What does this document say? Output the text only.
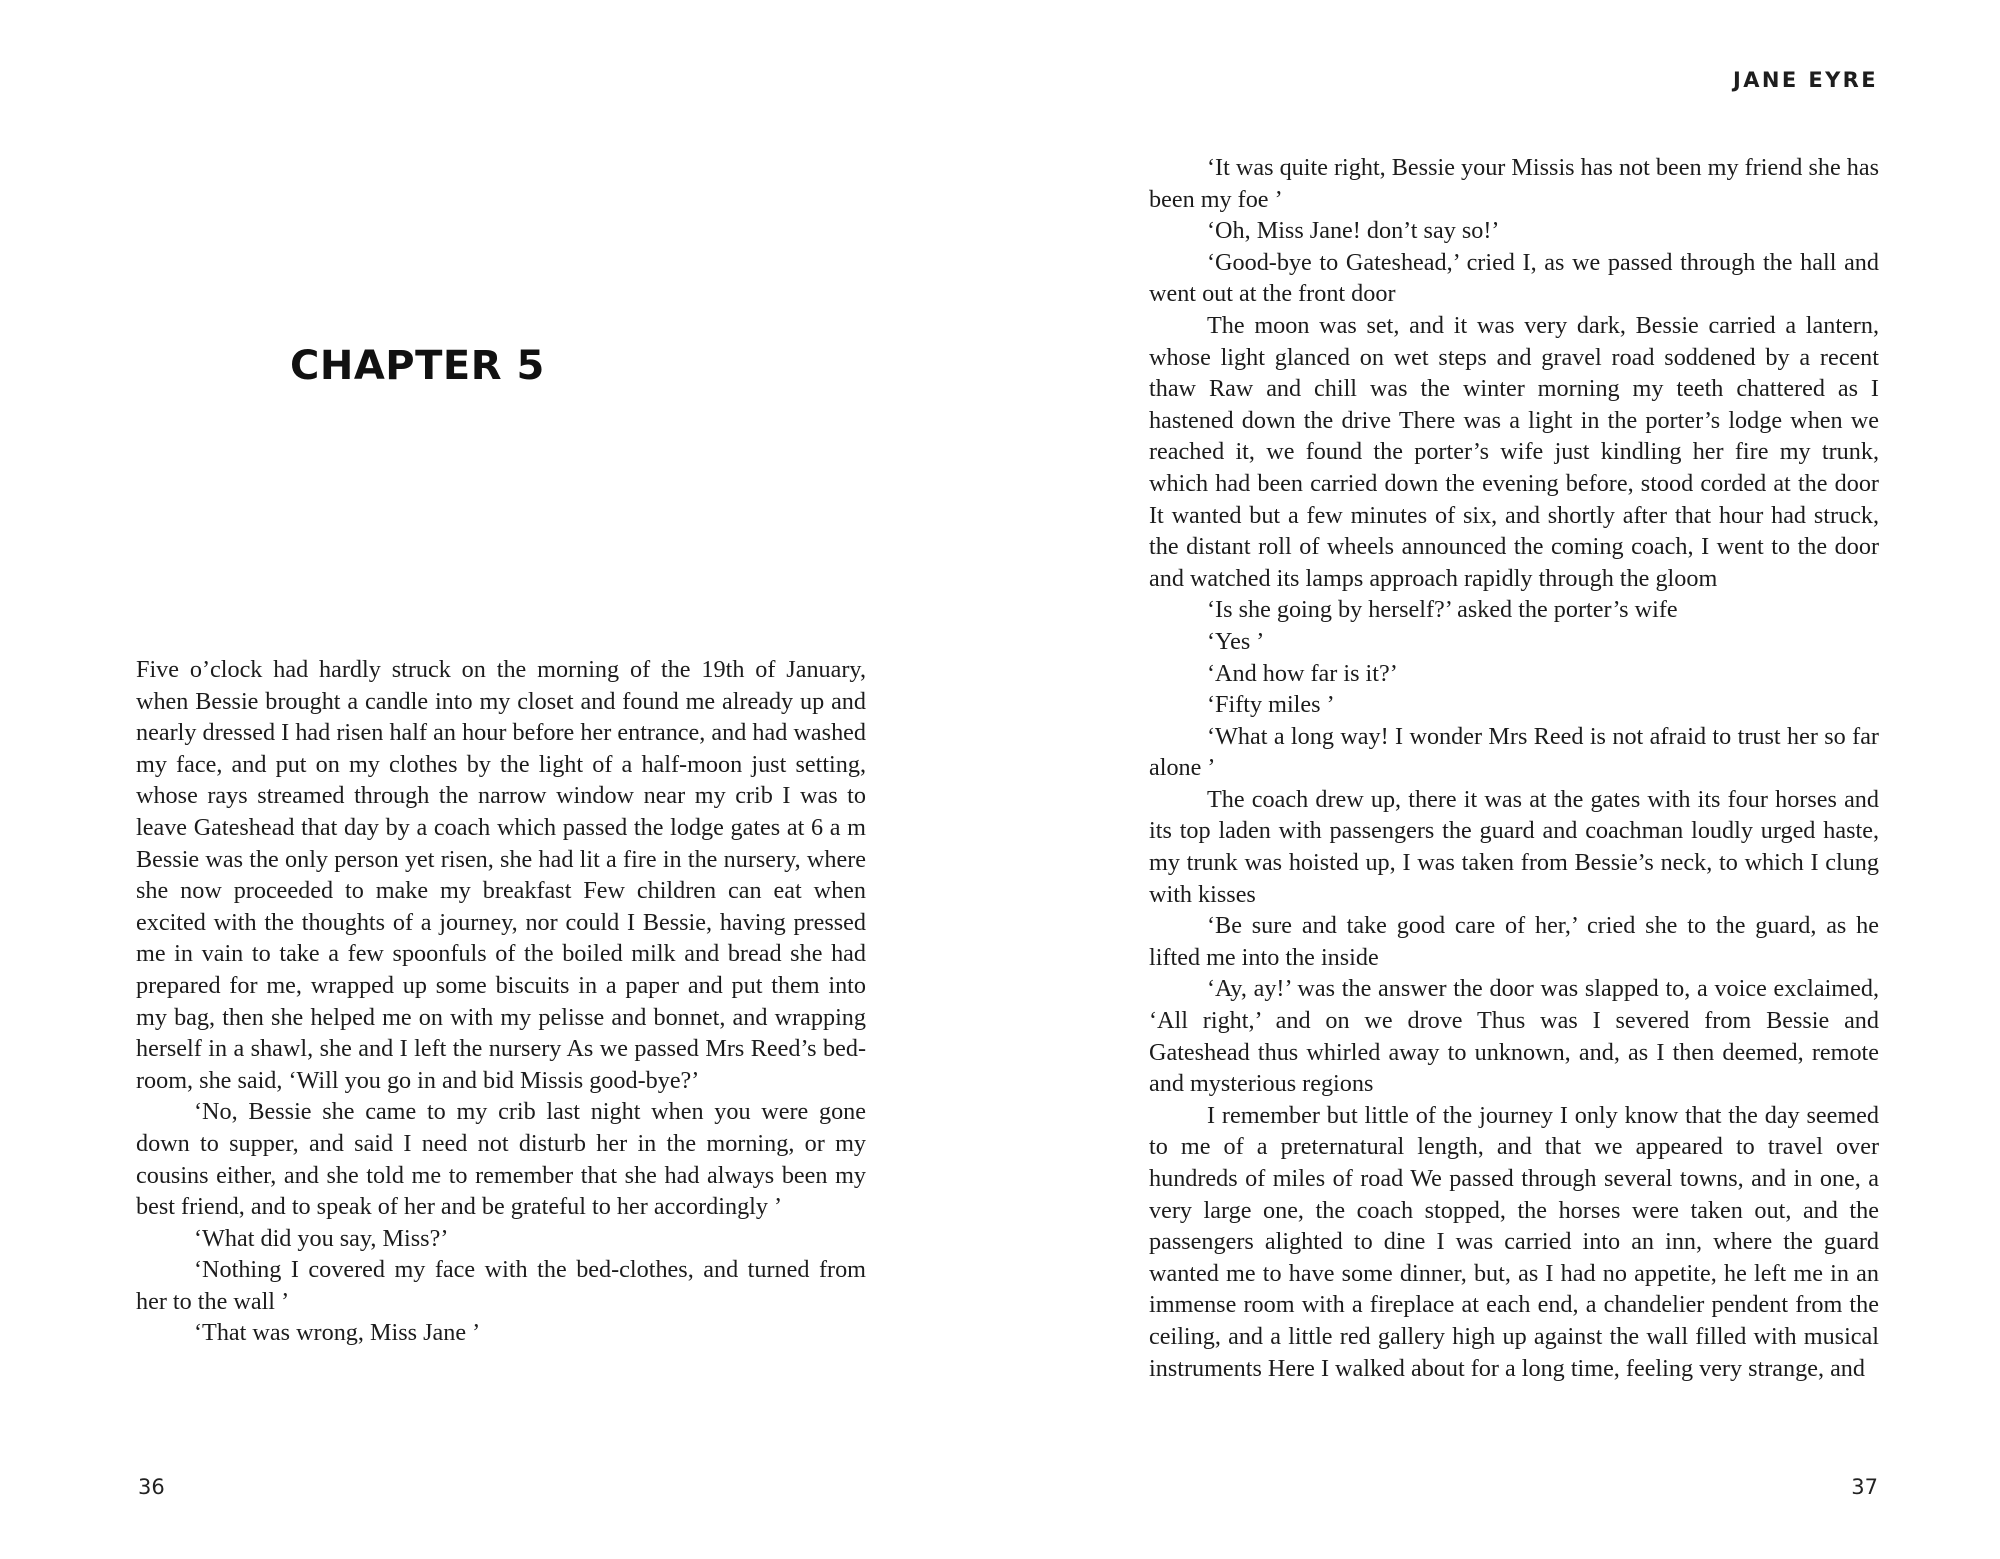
CHAPTER 5

Five o’clock had hardly struck on the morning of the 19th of January, when Bessie brought a candle into my closet and found me already up and nearly dressed I had risen half an hour before her entrance, and had washed my face, and put on my clothes by the light of a half-moon just setting, whose rays streamed through the narrow window near my crib I was to leave Gateshead that day by a coach which passed the lodge gates at 6 a m Bessie was the only person yet risen, she had lit a fire in the nursery, where she now proceeded to make my breakfast Few children can eat when excited with the thoughts of a journey, nor could I Bessie, having pressed me in vain to take a few spoonfuls of the boiled milk and bread she had prepared for me, wrapped up some biscuits in a paper and put them into my bag, then she helped me on with my pelisse and bonnet, and wrapping herself in a shawl, she and I left the nursery As we passed Mrs Reed’s bed-room, she said, ‘Will you go in and bid Missis good-bye?’

‘No, Bessie she came to my crib last night when you were gone down to supper, and said I need not disturb her in the morning, or my cousins either, and she told me to remember that she had always been my best friend, and to speak of her and be grateful to her accordingly ’

‘What did you say, Miss?’

‘Nothing I covered my face with the bed-clothes, and turned from her to the wall ’

‘That was wrong, Miss Jane ’

36
JANE EYRE

‘It was quite right, Bessie your Missis has not been my friend she has been my foe ’

‘Oh, Miss Jane! don’t say so!’

‘Good-bye to Gateshead,’ cried I, as we passed through the hall and went out at the front door

The moon was set, and it was very dark, Bessie carried a lantern, whose light glanced on wet steps and gravel road soddened by a recent thaw Raw and chill was the winter morning my teeth chattered as I hastened down the drive There was a light in the porter’s lodge when we reached it, we found the porter’s wife just kindling her fire my trunk, which had been carried down the evening before, stood corded at the door It wanted but a few minutes of six, and shortly after that hour had struck, the distant roll of wheels announced the coming coach, I went to the door and watched its lamps approach rapidly through the gloom

‘Is she going by herself?’ asked the porter’s wife

‘Yes ’

‘And how far is it?’

‘Fifty miles ’

‘What a long way! I wonder Mrs Reed is not afraid to trust her so far alone ’

The coach drew up, there it was at the gates with its four horses and its top laden with passengers the guard and coachman loudly urged haste, my trunk was hoisted up, I was taken from Bessie’s neck, to which I clung with kisses

‘Be sure and take good care of her,’ cried she to the guard, as he lifted me into the inside

‘Ay, ay!’ was the answer the door was slapped to, a voice exclaimed, ‘All right,’ and on we drove Thus was I severed from Bessie and Gateshead thus whirled away to unknown, and, as I then deemed, remote and mysterious regions

I remember but little of the journey I only know that the day seemed to me of a preternatural length, and that we appeared to travel over hundreds of miles of road We passed through several towns, and in one, a very large one, the coach stopped, the horses were taken out, and the passengers alighted to dine I was carried into an inn, where the guard wanted me to have some dinner, but, as I had no appetite, he left me in an immense room with a fireplace at each end, a chandelier pendent from the ceiling, and a little red gallery high up against the wall filled with musical instruments Here I walked about for a long time, feeling very strange, and

37
